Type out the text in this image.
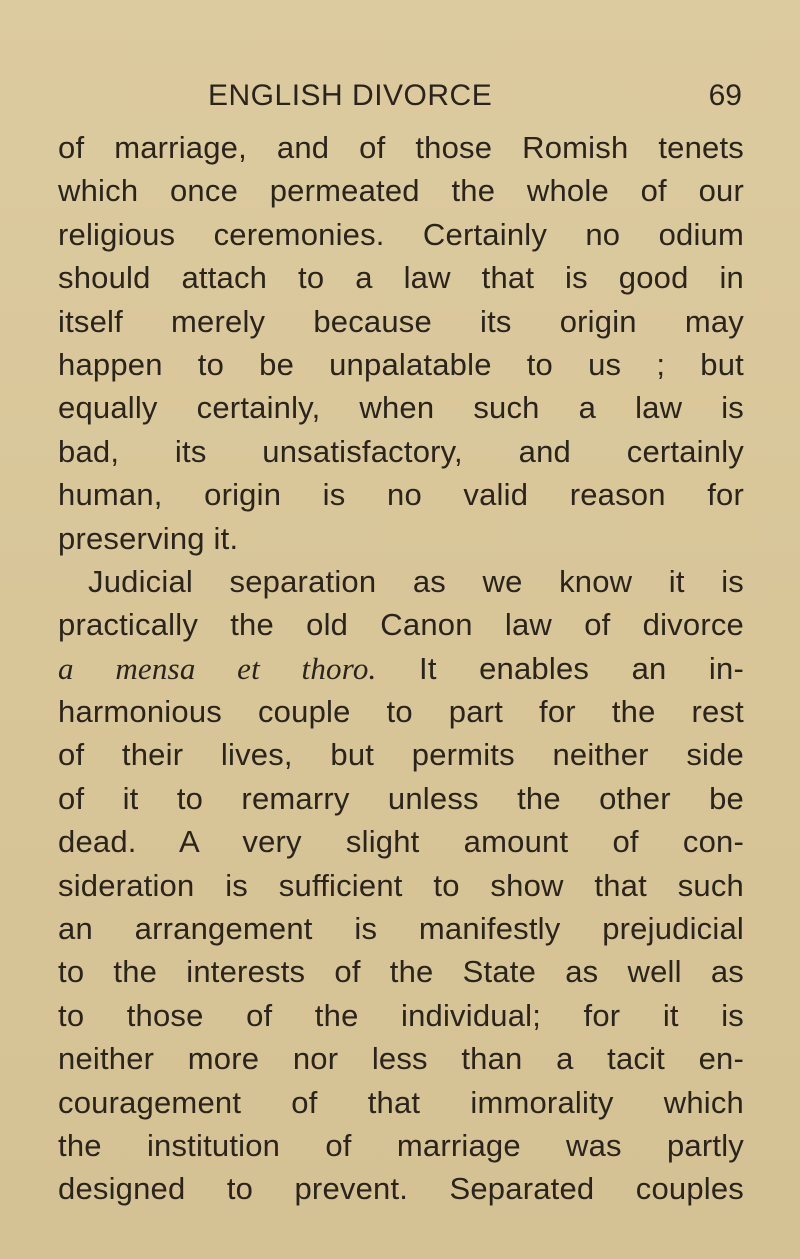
ENGLISH DIVORCE	69
of marriage, and of those Romish tenets
which once permeated the whole of our
religious ceremonies. Certainly no odium
should attach to a law that is good in
itself merely because its origin may
happen to be unpalatable to us ; but
equally certainly, when such a law is
bad, its unsatisfactory, and certainly
human, origin is no valid reason for
preserving it.
Judicial separation as we know it is
practically the old Canon law of divorce
a mensa et thoro. It enables an in-
harmonious couple to part for the rest
of their lives, but permits neither side
of it to remarry unless the other be
dead. A very slight amount of con-
sideration is sufficient to show that such
an arrangement is manifestly prejudicial
to the interests of the State as well as
to those of the individual; for it is
neither more nor less than a tacit en-
couragement of that immorality which
the institution of marriage was partly
designed to prevent. Separated couples
